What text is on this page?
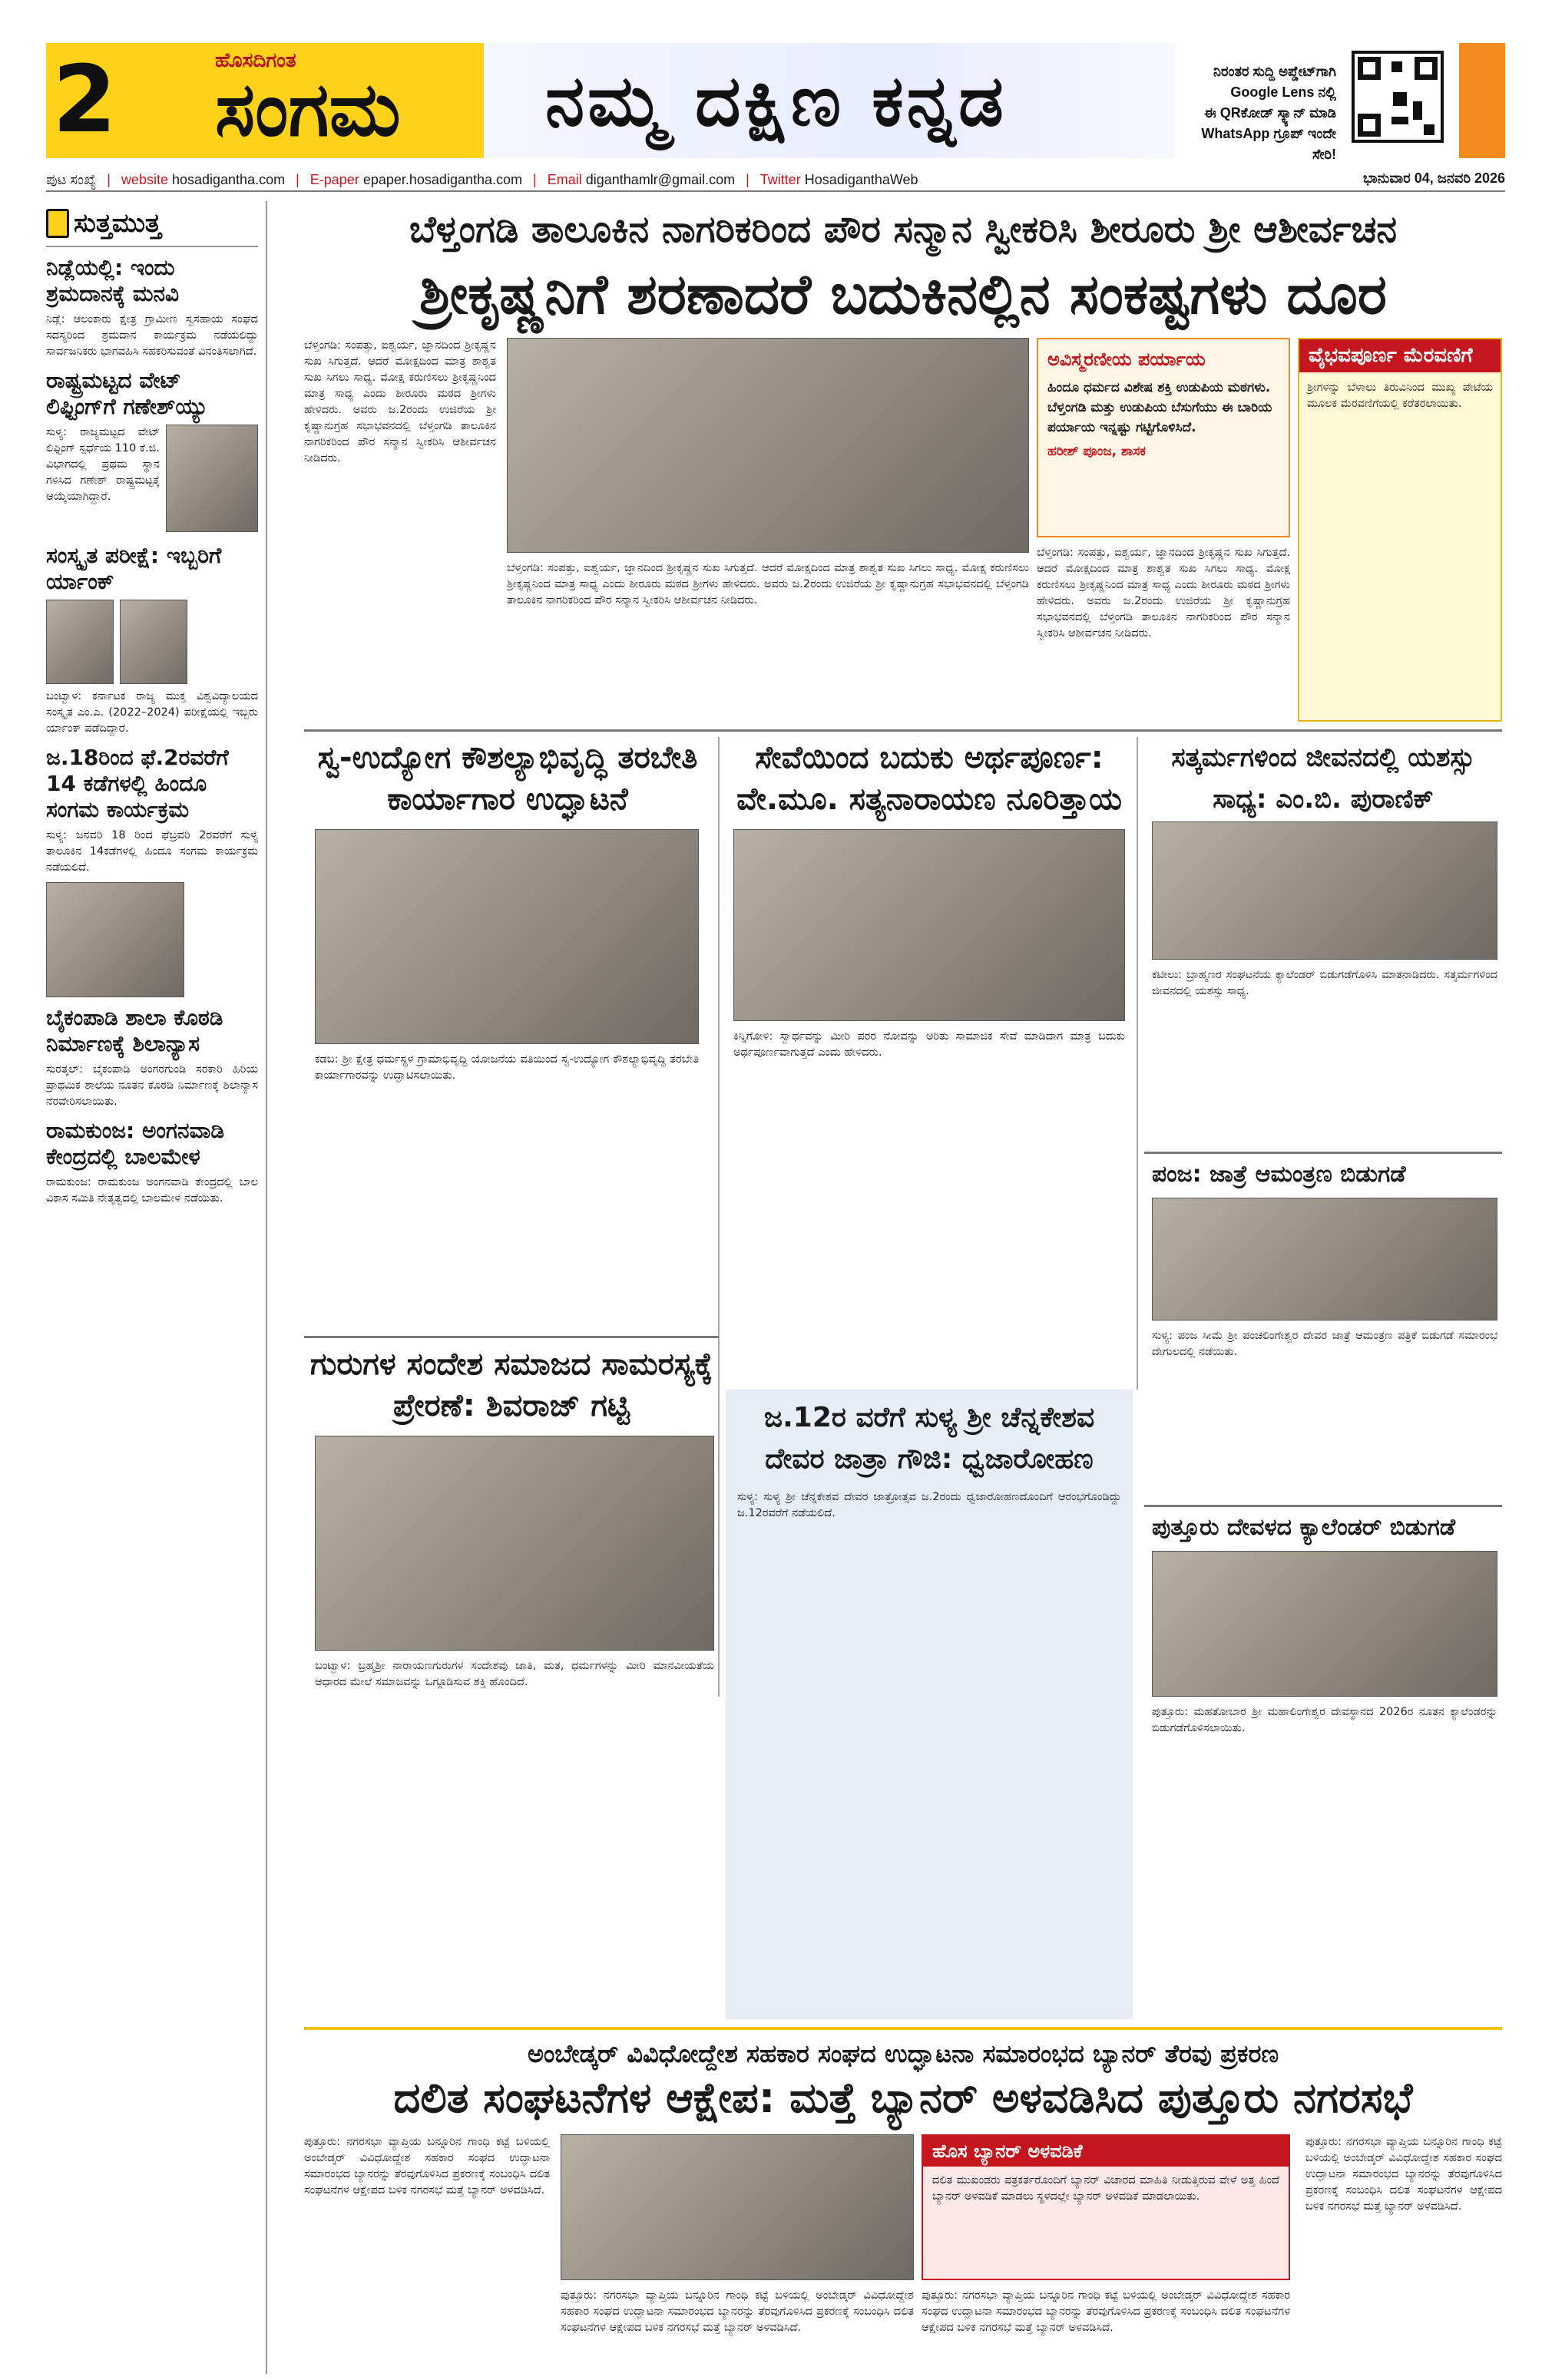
2	ಹೊಸದಿಗಂತ
ಸಂಗಮ ನಮ್ಮ ದಕ್ಷಿಣ ಕನ್ನಡ	ನಿರಂತರ ಸುದ್ದಿ ಅಪ್ಡೇಟ್‌ಗಾಗಿ
Google Lens ನಲ್ಲಿ
ಈ QRಕೋಡ್ ಸ್ಕ್ಯಾನ್ ಮಾಡಿ
WhatsApp ಗ್ರೂಪ್ ಇಂದೇ ಸೇರಿ!
ಪುಟ ಸಂಖ್ಯೆ | website hosadigantha.com | E-paper epaper.hosadigantha.com | Email diganthamlr@gmail.com | Twitter HosadiganthaWeb	ಭಾನುವಾರ 04, ಜನವರಿ 2026
ಸುತ್ತಮುತ್ತ
ನಿಡ್ಲೆಯಲ್ಲಿ: ಇಂದು ಶ್ರಮದಾನಕ್ಕೆ ಮನವಿ
ನಿಡ್ಲೆ: ಆಲಂಕಾರು ಕ್ಷೇತ್ರ ಗ್ರಾಮೀಣ ಸ್ವಸಹಾಯ ಸಂಘದ ಸದಸ್ಯರಿಂದ ಶ್ರಮದಾನ ಕಾರ್ಯಕ್ರಮ ನಡೆಯಲಿದ್ದು ಸಾರ್ವಜನಿಕರು ಭಾಗವಹಿಸಿ ಸಹಕರಿಸುವಂತೆ ವಿನಂತಿಸಲಾಗಿದೆ.
ರಾಷ್ಟ್ರಮಟ್ಟದ ವೇಟ್ ಲಿಫ್ಟಿಂಗ್‌ಗೆ ಗಣೇಶ್‌ಯ್ಯು
ಸುಳ್ಯ: ರಾಜ್ಯಮಟ್ಟದ ವೇಟ್ ಲಿಫ್ಟಿಂಗ್ ಸ್ಪರ್ಧೆಯ 110 ಕೆ.ಜಿ. ವಿಭಾಗದಲ್ಲಿ ಪ್ರಥಮ ಸ್ಥಾನ ಗಳಿಸಿದ ಗಣೇಶ್ ರಾಷ್ಟ್ರಮಟ್ಟಕ್ಕೆ ಆಯ್ಕೆಯಾಗಿದ್ದಾರೆ.
ಸಂಸ್ಕೃತ ಪರೀಕ್ಷೆ: ಇಬ್ಬರಿಗೆ ರ್ಯಾಂಕ್
ಬಂಟ್ವಾಳ: ಕರ್ನಾಟಕ ರಾಜ್ಯ ಮುಕ್ತ ವಿಶ್ವವಿದ್ಯಾಲಯದ ಸಂಸ್ಕೃತ ಎಂ.ಎ. (2022–2024) ಪರೀಕ್ಷೆಯಲ್ಲಿ ಇಬ್ಬರು ರ್ಯಾಂಕ್ ಪಡೆದಿದ್ದಾರೆ.
ಜ.18ರಿಂದ ಫೆ.2ರವರೆಗೆ 14 ಕಡೆಗಳಲ್ಲಿ ಹಿಂದೂ ಸಂಗಮ ಕಾರ್ಯಕ್ರಮ
ಸುಳ್ಯ: ಜನವರಿ 18 ರಿಂದ ಫೆಬ್ರವರಿ 2ರವರೆಗೆ ಸುಳ್ಯ ತಾಲೂಕಿನ 14ಕಡೆಗಳಲ್ಲಿ ಹಿಂದೂ ಸಂಗಮ ಕಾರ್ಯಕ್ರಮ ನಡೆಯಲಿದೆ.
ಬೈಕಂಪಾಡಿ ಶಾಲಾ ಕೊಠಡಿ ನಿರ್ಮಾಣಕ್ಕೆ ಶಿಲಾನ್ಯಾಸ
ಸುರತ್ಕಲ್: ಬೈಕಂಪಾಡಿ ಅಂಗರಗುಂಡಿ ಸರಕಾರಿ ಹಿರಿಯ ಪ್ರಾಥಮಿಕ ಶಾಲೆಯ ನೂತನ ಕೊಠಡಿ ನಿರ್ಮಾಣಕ್ಕೆ ಶಿಲಾನ್ಯಾಸ ನೆರವೇರಿಸಲಾಯಿತು.
ರಾಮಕುಂಜ: ಅಂಗನವಾಡಿ ಕೇಂದ್ರದಲ್ಲಿ ಬಾಲಮೇಳ
ರಾಮಕುಂಜ: ರಾಮಕುಂಜ ಅಂಗನವಾಡಿ ಕೇಂದ್ರದಲ್ಲಿ ಬಾಲ ವಿಕಾಸ ಸಮಿತಿ ನೇತೃತ್ವದಲ್ಲಿ ಬಾಲಮೇಳ ನಡೆಯಿತು.
ಬೆಳ್ತಂಗಡಿ ತಾಲೂಕಿನ ನಾಗರಿಕರಿಂದ ಪೌರ ಸನ್ಮಾನ ಸ್ವೀಕರಿಸಿ ಶೀರೂರು ಶ್ರೀ ಆಶೀರ್ವಚನ
ಶ್ರೀಕೃಷ್ಣನಿಗೆ ಶರಣಾದರೆ ಬದುಕಿನಲ್ಲಿನ ಸಂಕಷ್ಟಗಳು ದೂರ
ಬೆಳ್ತಂಗಡಿ: ಸಂಪತ್ತು, ಐಶ್ವರ್ಯ, ಜ್ಞಾನದಿಂದ ಶ್ರೀಕೃಷ್ಣನ ಸುಖ ಸಿಗುತ್ತದೆ. ಆದರೆ ಮೋಕ್ಷದಿಂದ ಮಾತ್ರ ಶಾಶ್ವತ ಸುಖ ಸಿಗಲು ಸಾಧ್ಯ. ಮೋಕ್ಷ ಕರುಣಿಸಲು ಶ್ರೀಕೃಷ್ಣನಿಂದ ಮಾತ್ರ ಸಾಧ್ಯ ಎಂದು ಶೀರೂರು ಮಠದ ಶ್ರೀಗಳು ಹೇಳಿದರು. ಅವರು ಜ.2ರಂದು ಉಜಿರೆಯ ಶ್ರೀ ಕೃಷ್ಣಾನುಗ್ರಹ ಸಭಾಭವನದಲ್ಲಿ ಬೆಳ್ತಂಗಡಿ ತಾಲೂಕಿನ ನಾಗರಿಕರಿಂದ ಪೌರ ಸನ್ಮಾನ ಸ್ವೀಕರಿಸಿ ಆಶೀರ್ವಚನ ನೀಡಿದರು.
ಬೆಳ್ತಂಗಡಿ: ಸಂಪತ್ತು, ಐಶ್ವರ್ಯ, ಜ್ಞಾನದಿಂದ ಶ್ರೀಕೃಷ್ಣನ ಸುಖ ಸಿಗುತ್ತದೆ. ಆದರೆ ಮೋಕ್ಷದಿಂದ ಮಾತ್ರ ಶಾಶ್ವತ ಸುಖ ಸಿಗಲು ಸಾಧ್ಯ. ಮೋಕ್ಷ ಕರುಣಿಸಲು ಶ್ರೀಕೃಷ್ಣನಿಂದ ಮಾತ್ರ ಸಾಧ್ಯ ಎಂದು ಶೀರೂರು ಮಠದ ಶ್ರೀಗಳು ಹೇಳಿದರು. ಅವರು ಜ.2ರಂದು ಉಜಿರೆಯ ಶ್ರೀ ಕೃಷ್ಣಾನುಗ್ರಹ ಸಭಾಭವನದಲ್ಲಿ ಬೆಳ್ತಂಗಡಿ ತಾಲೂಕಿನ ನಾಗರಿಕರಿಂದ ಪೌರ ಸನ್ಮಾನ ಸ್ವೀಕರಿಸಿ ಆಶೀರ್ವಚನ ನೀಡಿದರು.
ಅವಿಸ್ಮರಣೀಯ ಪರ್ಯಾಯ
ಹಿಂದೂ ಧರ್ಮದ ವಿಶೇಷ ಶಕ್ತಿ ಉಡುಪಿಯ ಮಠಗಳು. ಬೆಳ್ತಂಗಡಿ ಮತ್ತು ಉಡುಪಿಯ ಬೆಸುಗೆಯು ಈ ಬಾರಿಯ ಪರ್ಯಾಯ ಇನ್ನಷ್ಟು ಗಟ್ಟಿಗೊಳಿಸಿದೆ.
ಹರೀಶ್ ಪೂಂಜ, ಶಾಸಕ
ಬೆಳ್ತಂಗಡಿ: ಸಂಪತ್ತು, ಐಶ್ವರ್ಯ, ಜ್ಞಾನದಿಂದ ಶ್ರೀಕೃಷ್ಣನ ಸುಖ ಸಿಗುತ್ತದೆ. ಆದರೆ ಮೋಕ್ಷದಿಂದ ಮಾತ್ರ ಶಾಶ್ವತ ಸುಖ ಸಿಗಲು ಸಾಧ್ಯ. ಮೋಕ್ಷ ಕರುಣಿಸಲು ಶ್ರೀಕೃಷ್ಣನಿಂದ ಮಾತ್ರ ಸಾಧ್ಯ ಎಂದು ಶೀರೂರು ಮಠದ ಶ್ರೀಗಳು ಹೇಳಿದರು. ಅವರು ಜ.2ರಂದು ಉಜಿರೆಯ ಶ್ರೀ ಕೃಷ್ಣಾನುಗ್ರಹ ಸಭಾಭವನದಲ್ಲಿ ಬೆಳ್ತಂಗಡಿ ತಾಲೂಕಿನ ನಾಗರಿಕರಿಂದ ಪೌರ ಸನ್ಮಾನ ಸ್ವೀಕರಿಸಿ ಆಶೀರ್ವಚನ ನೀಡಿದರು.
ವೈಭವಪೂರ್ಣ ಮೆರವಣಿಗೆ
ಶ್ರೀಗಳನ್ನು ಬೆಳಾಲು ತಿರುವಿನಿಂದ ಮುಖ್ಯ ಪೇಟೆಯ ಮೂಲಕ ಮೆರವಣಿಗೆಯಲ್ಲಿ ಕರೆತರಲಾಯಿತು.
ಸ್ವ-ಉದ್ಯೋಗ ಕೌಶಲ್ಯಾಭಿವೃದ್ಧಿ ತರಬೇತಿ ಕಾರ್ಯಾಗಾರ ಉದ್ಘಾಟನೆ
ಕಡಬ: ಶ್ರೀ ಕ್ಷೇತ್ರ ಧರ್ಮಸ್ಥಳ ಗ್ರಾಮಾಭಿವೃದ್ಧಿ ಯೋಜನೆಯ ವತಿಯಿಂದ ಸ್ವ-ಉದ್ಯೋಗ ಕೌಶಲ್ಯಾಭಿವೃದ್ಧಿ ತರಬೇತಿ ಕಾರ್ಯಾಗಾರವನ್ನು ಉದ್ಘಾಟಿಸಲಾಯಿತು.
ಸೇವೆಯಿಂದ ಬದುಕು ಅರ್ಥಪೂರ್ಣ: ವೇ.ಮೂ. ಸತ್ಯನಾರಾಯಣ ನೂರಿತ್ತಾಯ
ಕಿನ್ನಿಗೋಳಿ: ಸ್ವಾರ್ಥವನ್ನು ಮೀರಿ ಪರರ ನೋವನ್ನು ಅರಿತು ಸಾಮಾಜಿಕ ಸೇವೆ ಮಾಡಿದಾಗ ಮಾತ್ರ ಬದುಕು ಅರ್ಥಪೂರ್ಣವಾಗುತ್ತದೆ ಎಂದು ಹೇಳಿದರು.
ಸತ್ಕರ್ಮಗಳಿಂದ ಜೀವನದಲ್ಲಿ ಯಶಸ್ಸು ಸಾಧ್ಯ: ಎಂ.ಬಿ. ಪುರಾಣಿಕ್
ಕಟೀಲು: ಬ್ರಾಹ್ಮಣರ ಸಂಘಟನೆಯ ಕ್ಯಾಲೆಂಡರ್ ಬಿಡುಗಡೆಗೊಳಿಸಿ ಮಾತನಾಡಿದರು. ಸತ್ಕರ್ಮಗಳಿಂದ ಜೀವನದಲ್ಲಿ ಯಶಸ್ಸು ಸಾಧ್ಯ.
ಪಂಜ: ಜಾತ್ರೆ ಆಮಂತ್ರಣ ಬಿಡುಗಡೆ
ಸುಳ್ಯ: ಪಂಜ ಸೀಮೆ ಶ್ರೀ ಪಂಚಲಿಂಗೇಶ್ವರ ದೇವರ ಜಾತ್ರೆ ಆಮಂತ್ರಣ ಪತ್ರಿಕೆ ಬಿಡುಗಡೆ ಸಮಾರಂಭ ದೇಗುಲದಲ್ಲಿ ನಡೆಯಿತು.
ಗುರುಗಳ ಸಂದೇಶ ಸಮಾಜದ ಸಾಮರಸ್ಯಕ್ಕೆ ಪ್ರೇರಣೆ: ಶಿವರಾಜ್ ಗಟ್ಟಿ
ಬಂಟ್ವಾಳ: ಬ್ರಹ್ಮಶ್ರೀ ನಾರಾಯಣಗುರುಗಳ ಸಂದೇಶವು ಜಾತಿ, ಮತ, ಧರ್ಮಗಳನ್ನು ಮೀರಿ ಮಾನವೀಯತೆಯ ಆಧಾರದ ಮೇಲೆ ಸಮಾಜವನ್ನು ಒಗ್ಗೂಡಿಸುವ ಶಕ್ತಿ ಹೊಂದಿದೆ.
ಜ.12ರ ವರೆಗೆ ಸುಳ್ಯ ಶ್ರೀ ಚೆನ್ನಕೇಶವ ದೇವರ ಜಾತ್ರಾ ಗೌಜಿ: ಧ್ವಜಾರೋಹಣ
ಸುಳ್ಯ: ಸುಳ್ಯ ಶ್ರೀ ಚೆನ್ನಕೇಶವ ದೇವರ ಜಾತ್ರೋತ್ಸವ ಜ.2ರಂದು ಧ್ವಜಾರೋಹಣದೊಂದಿಗೆ ಆರಂಭಗೊಂಡಿದ್ದು ಜ.12ರವರೆಗೆ ನಡೆಯಲಿದೆ.
ಪುತ್ತೂರು ದೇವಳದ ಕ್ಯಾಲೆಂಡರ್ ಬಿಡುಗಡೆ
ಪುತ್ತೂರು: ಮಹತೋಬಾರ ಶ್ರೀ ಮಹಾಲಿಂಗೇಶ್ವರ ದೇವಸ್ಥಾನದ 2026ರ ನೂತನ ಕ್ಯಾಲೆಂಡರನ್ನು ಬಿಡುಗಡೆಗೊಳಿಸಲಾಯಿತು.
ಅಂಬೇಡ್ಕರ್ ವಿವಿಧೋದ್ದೇಶ ಸಹಕಾರ ಸಂಘದ ಉದ್ಘಾಟನಾ ಸಮಾರಂಭದ ಬ್ಯಾನರ್ ತೆರವು ಪ್ರಕರಣ
ದಲಿತ ಸಂಘಟನೆಗಳ ಆಕ್ಷೇಪ: ಮತ್ತೆ ಬ್ಯಾನರ್ ಅಳವಡಿಸಿದ ಪುತ್ತೂರು ನಗರಸಭೆ
ಪುತ್ತೂರು: ನಗರಸಭಾ ವ್ಯಾಪ್ತಿಯ ಬನ್ನೂರಿನ ಗಾಂಧಿ ಕಟ್ಟೆ ಬಳಿಯಲ್ಲಿ ಅಂಬೇಡ್ಕರ್ ವಿವಿಧೋದ್ದೇಶ ಸಹಕಾರ ಸಂಘದ ಉದ್ಘಾಟನಾ ಸಮಾರಂಭದ ಬ್ಯಾನರನ್ನು ತೆರವುಗೊಳಿಸಿದ ಪ್ರಕರಣಕ್ಕೆ ಸಂಬಂಧಿಸಿ ದಲಿತ ಸಂಘಟನೆಗಳ ಆಕ್ಷೇಪದ ಬಳಿಕ ನಗರಸಭೆ ಮತ್ತೆ ಬ್ಯಾನರ್ ಅಳವಡಿಸಿದೆ.
ಪುತ್ತೂರು: ನಗರಸಭಾ ವ್ಯಾಪ್ತಿಯ ಬನ್ನೂರಿನ ಗಾಂಧಿ ಕಟ್ಟೆ ಬಳಿಯಲ್ಲಿ ಅಂಬೇಡ್ಕರ್ ವಿವಿಧೋದ್ದೇಶ ಸಹಕಾರ ಸಂಘದ ಉದ್ಘಾಟನಾ ಸಮಾರಂಭದ ಬ್ಯಾನರನ್ನು ತೆರವುಗೊಳಿಸಿದ ಪ್ರಕರಣಕ್ಕೆ ಸಂಬಂಧಿಸಿ ದಲಿತ ಸಂಘಟನೆಗಳ ಆಕ್ಷೇಪದ ಬಳಿಕ ನಗರಸಭೆ ಮತ್ತೆ ಬ್ಯಾನರ್ ಅಳವಡಿಸಿದೆ.
ಹೊಸ ಬ್ಯಾನರ್ ಅಳವಡಿಕೆ
ದಲಿತ ಮುಖಂಡರು ಪತ್ರಕರ್ತರೊಂದಿಗೆ ಬ್ಯಾನರ್ ವಿಚಾರದ ಮಾಹಿತಿ ನೀಡುತ್ತಿರುವ ವೇಳೆ ಅತ್ತ ಹಿಂದೆ ಬ್ಯಾನರ್ ಅಳವಡಿಕೆ ಮಾಡಲು ಸ್ಥಳದಲ್ಲೇ ಬ್ಯಾನರ್ ಅಳವಡಿಕೆ ಮಾಡಲಾಯಿತು.
ಪುತ್ತೂರು: ನಗರಸಭಾ ವ್ಯಾಪ್ತಿಯ ಬನ್ನೂರಿನ ಗಾಂಧಿ ಕಟ್ಟೆ ಬಳಿಯಲ್ಲಿ ಅಂಬೇಡ್ಕರ್ ವಿವಿಧೋದ್ದೇಶ ಸಹಕಾರ ಸಂಘದ ಉದ್ಘಾಟನಾ ಸಮಾರಂಭದ ಬ್ಯಾನರನ್ನು ತೆರವುಗೊಳಿಸಿದ ಪ್ರಕರಣಕ್ಕೆ ಸಂಬಂಧಿಸಿ ದಲಿತ ಸಂಘಟನೆಗಳ ಆಕ್ಷೇಪದ ಬಳಿಕ ನಗರಸಭೆ ಮತ್ತೆ ಬ್ಯಾನರ್ ಅಳವಡಿಸಿದೆ.
ಪುತ್ತೂರು: ನಗರಸಭಾ ವ್ಯಾಪ್ತಿಯ ಬನ್ನೂರಿನ ಗಾಂಧಿ ಕಟ್ಟೆ ಬಳಿಯಲ್ಲಿ ಅಂಬೇಡ್ಕರ್ ವಿವಿಧೋದ್ದೇಶ ಸಹಕಾರ ಸಂಘದ ಉದ್ಘಾಟನಾ ಸಮಾರಂಭದ ಬ್ಯಾನರನ್ನು ತೆರವುಗೊಳಿಸಿದ ಪ್ರಕರಣಕ್ಕೆ ಸಂಬಂಧಿಸಿ ದಲಿತ ಸಂಘಟನೆಗಳ ಆಕ್ಷೇಪದ ಬಳಿಕ ನಗರಸಭೆ ಮತ್ತೆ ಬ್ಯಾನರ್ ಅಳವಡಿಸಿದೆ.
